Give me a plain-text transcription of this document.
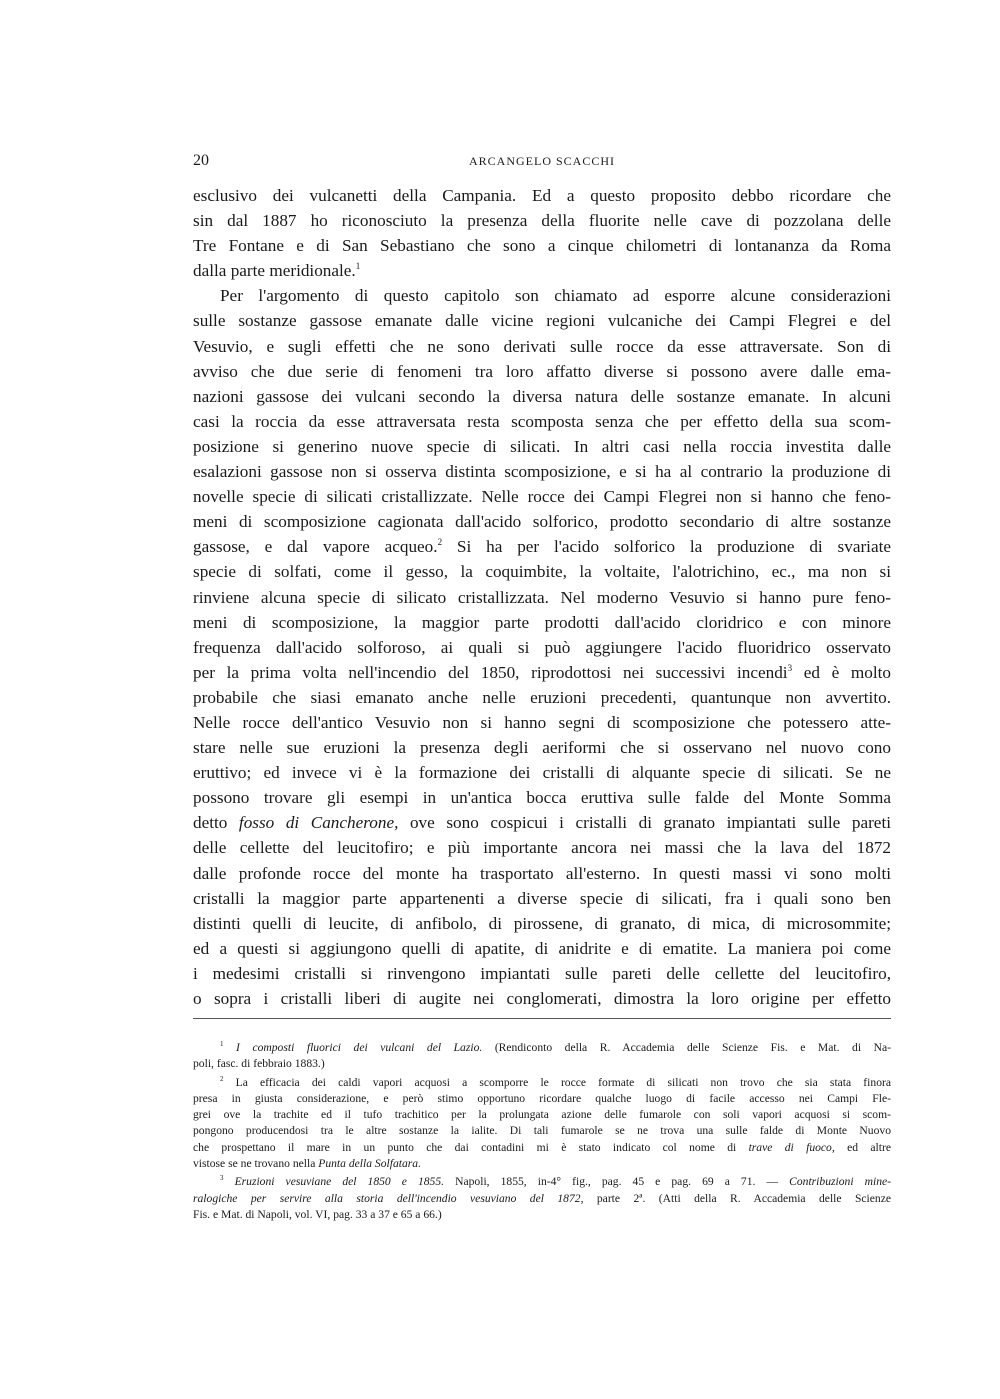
20	ARCANGELO SCACCHI
esclusivo dei vulcanetti della Campania. Ed a questo proposito debbo ricordare che
sin dal 1887 ho riconosciuto la presenza della fluorite nelle cave di pozzolana delle
Tre Fontane e di San Sebastiano che sono a cinque chilometri di lontananza da Roma
dalla parte meridionale.$^1$
Per l'argomento di questo capitolo son chiamato ad esporre alcune considerazioni
sulle sostanze gassose emanate dalle vicine regioni vulcaniche dei Campi Flegrei e del
Vesuvio, e sugli effetti che ne sono derivati sulle rocce da esse attraversate. Son di
avviso che due serie di fenomeni tra loro affatto diverse si possono avere dalle ema-
nazioni gassose dei vulcani secondo la diversa natura delle sostanze emanate. In alcuni
casi la roccia da esse attraversata resta scomposta senza che per effetto della sua scom-
posizione si generino nuove specie di silicati. In altri casi nella roccia investita dalle
esalazioni gassose non si osserva distinta scomposizione, e si ha al contrario la produzione di
novelle specie di silicati cristallizzate. Nelle rocce dei Campi Flegrei non si hanno che feno-
meni di scomposizione cagionata dall'acido solforico, prodotto secondario di altre sostanze
gassose, e dal vapore acqueo.$^2$ Si ha per l'acido solforico la produzione di svariate
specie di solfati, come il gesso, la coquimbite, la voltaite, l'alotrichino, ec., ma non si
rinviene alcuna specie di silicato cristallizzata. Nel moderno Vesuvio si hanno pure feno-
meni di scomposizione, la maggior parte prodotti dall'acido cloridrico e con minore
frequenza dall'acido solforoso, ai quali si può aggiungere l'acido fluoridrico osservato
per la prima volta nell'incendio del 1850, riprodottosi nei successivi incendi$^3$ ed è molto
probabile che siasi emanato anche nelle eruzioni precedenti, quantunque non avvertito.
Nelle rocce dell'antico Vesuvio non si hanno segni di scomposizione che potessero atte-
stare nelle sue eruzioni la presenza degli aeriformi che si osservano nel nuovo cono
eruttivo; ed invece vi è la formazione dei cristalli di alquante specie di silicati. Se ne
possono trovare gli esempi in un'antica bocca eruttiva sulle falde del Monte Somma
detto fosso di Cancherone, ove sono cospicui i cristalli di granato impiantati sulle pareti
delle cellette del leucitofiro; e più importante ancora nei massi che la lava del 1872
dalle profonde rocce del monte ha trasportato all'esterno. In questi massi vi sono molti
cristalli la maggior parte appartenenti a diverse specie di silicati, fra i quali sono ben
distinti quelli di leucite, di anfibolo, di pirossene, di granato, di mica, di microsommite;
ed a questi si aggiungono quelli di apatite, di anidrite e di ematite. La maniera poi come
i medesimi cristalli si rinvengono impiantati sulle pareti delle cellette del leucitofiro,
o sopra i cristalli liberi di augite nei conglomerati, dimostra la loro origine per effetto
$^1$ I composti fluorici dei vulcani del Lazio. (Rendiconto della R. Accademia delle Scienze Fis. e Mat. di Na-
poli, fasc. di febbraio 1883.)
$^2$ La efficacia dei caldi vapori acquosi a scomporre le rocce formate di silicati non trovo che sia stata finora
presa in giusta considerazione, e però stimo opportuno ricordare qualche luogo di facile accesso nei Campi Fle-
grei ove la trachite ed il tufo trachitico per la prolungata azione delle fumarole con soli vapori acquosi si scom-
pongono producendosi tra le altre sostanze la ialite. Di tali fumarole se ne trova una sulle falde di Monte Nuovo
che prospettano il mare in un punto che dai contadini mi è stato indicato col nome di trave di fuoco, ed altre
vistose se ne trovano nella Punta della Solfatara.
$^3$ Eruzioni vesuviane del 1850 e 1855. Napoli, 1855, in-4° fig., pag. 45 e pag. 69 a 71. — Contribuzioni mine-
ralogiche per servire alla storia dell'incendio vesuviano del 1872, parte 2ª. (Atti della R. Accademia delle Scienze
Fis. e Mat. di Napoli, vol. VI, pag. 33 a 37 e 65 a 66.)
